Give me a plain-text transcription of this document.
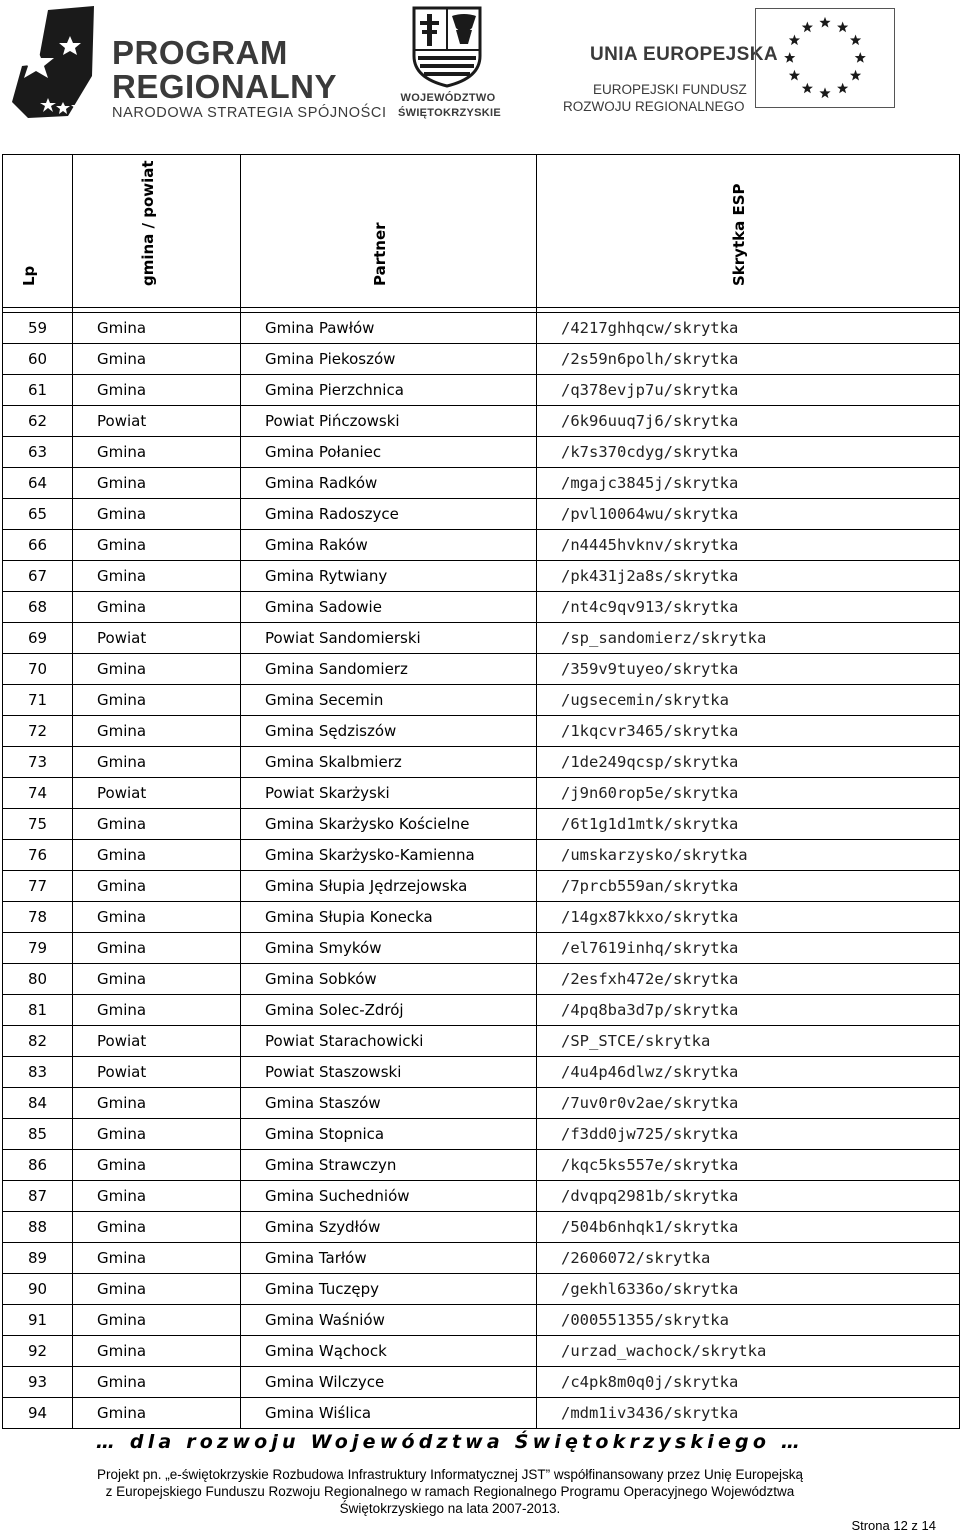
PROGRAM
REGIONALNY
NARODOWA STRATEGIA SPÓJNOŚCI
WOJEWÓDZTWO
ŚWIĘTOKRZYSKIE
UNIA EUROPEJSKA
EUROPEJSKI FUNDUSZ
ROZWOJU REGIONALNEGO
Lp	gmina / powiat	Partner	Skrytka ESP

59	Gmina	Gmina Pawłów	/4217ghhqcw/skrytka
60	Gmina	Gmina Piekoszów	/2s59n6polh/skrytka
61	Gmina	Gmina Pierzchnica	/q378evjp7u/skrytka
62	Powiat	Powiat Pińczowski	/6k96uuq7j6/skrytka
63	Gmina	Gmina Połaniec	/k7s370cdyg/skrytka
64	Gmina	Gmina Radków	/mgajc3845j/skrytka
65	Gmina	Gmina Radoszyce	/pvl10064wu/skrytka
66	Gmina	Gmina Raków	/n4445hvknv/skrytka
67	Gmina	Gmina Rytwiany	/pk431j2a8s/skrytka
68	Gmina	Gmina Sadowie	/nt4c9qv913/skrytka
69	Powiat	Powiat Sandomierski	/sp_sandomierz/skrytka
70	Gmina	Gmina Sandomierz	/359v9tuyeo/skrytka
71	Gmina	Gmina Secemin	/ugsecemin/skrytka
72	Gmina	Gmina Sędziszów	/1kqcvr3465/skrytka
73	Gmina	Gmina Skalbmierz	/1de249qcsp/skrytka
74	Powiat	Powiat Skarżyski	/j9n60rop5e/skrytka
75	Gmina	Gmina Skarżysko Kościelne	/6t1g1d1mtk/skrytka
76	Gmina	Gmina Skarżysko-Kamienna	/umskarzysko/skrytka
77	Gmina	Gmina Słupia Jędrzejowska	/7prcb559an/skrytka
78	Gmina	Gmina Słupia Konecka	/14gx87kkxo/skrytka
79	Gmina	Gmina Smyków	/el7619inhq/skrytka
80	Gmina	Gmina Sobków	/2esfxh472e/skrytka
81	Gmina	Gmina Solec-Zdrój	/4pq8ba3d7p/skrytka
82	Powiat	Powiat Starachowicki	/SP_STCE/skrytka
83	Powiat	Powiat Staszowski	/4u4p46dlwz/skrytka
84	Gmina	Gmina Staszów	/7uv0r0v2ae/skrytka
85	Gmina	Gmina Stopnica	/f3dd0jw725/skrytka
86	Gmina	Gmina Strawczyn	/kqc5ks557e/skrytka
87	Gmina	Gmina Suchedniów	/dvqpq2981b/skrytka
88	Gmina	Gmina Szydłów	/504b6nhqk1/skrytka
89	Gmina	Gmina Tarłów	/2606072/skrytka
90	Gmina	Gmina Tuczępy	/gekhl6336o/skrytka
91	Gmina	Gmina Waśniów	/000551355/skrytka
92	Gmina	Gmina Wąchock	/urzad_wachock/skrytka
93	Gmina	Gmina Wilczyce	/c4pk8m0q0j/skrytka
94	Gmina	Gmina Wiślica	/mdm1iv3436/skrytka
… dla rozwoju Województwa Świętokrzyskiego …
Projekt pn. „e-świętokrzyskie Rozbudowa Infrastruktury Informatycznej JST” współfinansowany przez Unię Europejską
z Europejskiego Funduszu Rozwoju Regionalnego w ramach Regionalnego Programu Operacyjnego Województwa
Świętokrzyskiego na lata 2007-2013.
Strona 12 z 14
